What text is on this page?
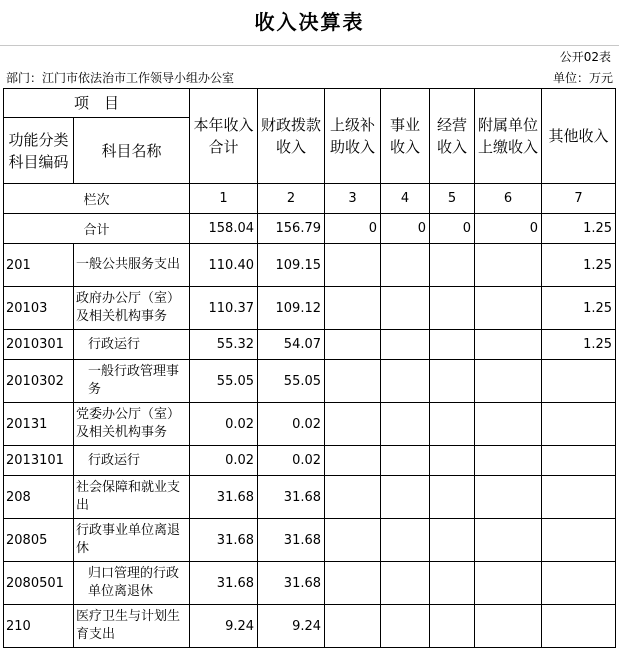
收入决算表
公开02表
部门：江门市依法治市工作领导小组办公室	单位：万元
项　目		本年收入合计	财政拨款收入	上级补助收入	事业收入	经营收入	附属单位上缴收入	其他收入
功能分类科目编码	科目名称							
栏次		1	2	3	4	5	6	7
合计		158.04	156.79	0	0	0	0	1.25
201	一般公共服务支出	110.40	109.15					1.25
20103	政府办公厅（室）及相关机构事务	110.37	109.12					1.25
2010301	行政运行	55.32	54.07					1.25
2010302	一般行政管理事务	55.05	55.05					
20131	党委办公厅（室）及相关机构事务	0.02	0.02					
2013101	行政运行	0.02	0.02					
208	社会保障和就业支出	31.68	31.68					
20805	行政事业单位离退休	31.68	31.68					
2080501	归口管理的行政单位离退休	31.68	31.68					
210	医疗卫生与计划生育支出	9.24	9.24					
